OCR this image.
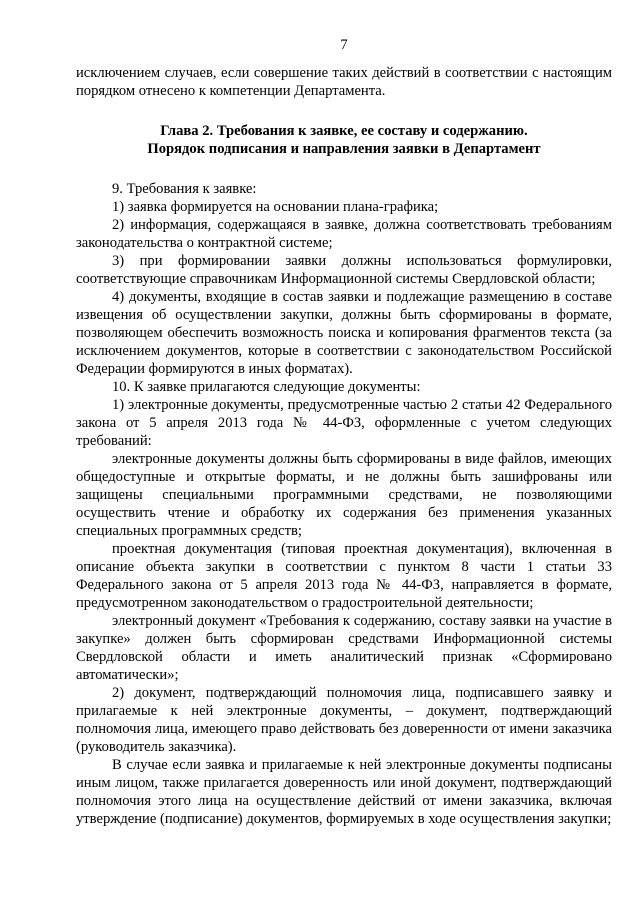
7

исключением случаев, если совершение таких действий в соответствии с настоящим порядком отнесено к компетенции Департамента.

Глава 2. Требования к заявке, ее составу и содержанию.
Порядок подписания и направления заявки в Департамент

9. Требования к заявке:

1) заявка формируется на основании плана-графика;

2) информация, содержащаяся в заявке, должна соответствовать требованиям законодательства о контрактной системе;

3) при формировании заявки должны использоваться формулировки, соответствующие справочникам Информационной системы Свердловской области;

4) документы, входящие в состав заявки и подлежащие размещению в составе извещения об осуществлении закупки, должны быть сформированы в формате, позволяющем обеспечить возможность поиска и копирования фрагментов текста (за исключением документов, которые в соответствии с законодательством Российской Федерации формируются в иных форматах).

10. К заявке прилагаются следующие документы:

1) электронные документы, предусмотренные частью 2 статьи 42 Федерального закона от 5 апреля 2013 года № 44-ФЗ, оформленные с учетом следующих требований:

электронные документы должны быть сформированы в виде файлов, имеющих общедоступные и открытые форматы, и не должны быть зашифрованы или защищены специальными программными средствами, не позволяющими осуществить чтение и обработку их содержания без применения указанных специальных программных средств;

проектная документация (типовая проектная документация), включенная в описание объекта закупки в соответствии с пунктом 8 части 1 статьи 33 Федерального закона от 5 апреля 2013 года № 44-ФЗ, направляется в формате, предусмотренном законодательством о градостроительной деятельности;

электронный документ «Требования к содержанию, составу заявки на участие в закупке» должен быть сформирован средствами Информационной системы Свердловской области и иметь аналитический признак «Сформировано автоматически»;

2) документ, подтверждающий полномочия лица, подписавшего заявку и прилагаемые к ней электронные документы, – документ, подтверждающий полномочия лица, имеющего право действовать без доверенности от имени заказчика (руководитель заказчика).

В случае если заявка и прилагаемые к ней электронные документы подписаны иным лицом, также прилагается доверенность или иной документ, подтверждающий полномочия этого лица на осуществление действий от имени заказчика, включая утверждение (подписание) документов, формируемых в ходе осуществления закупки;
